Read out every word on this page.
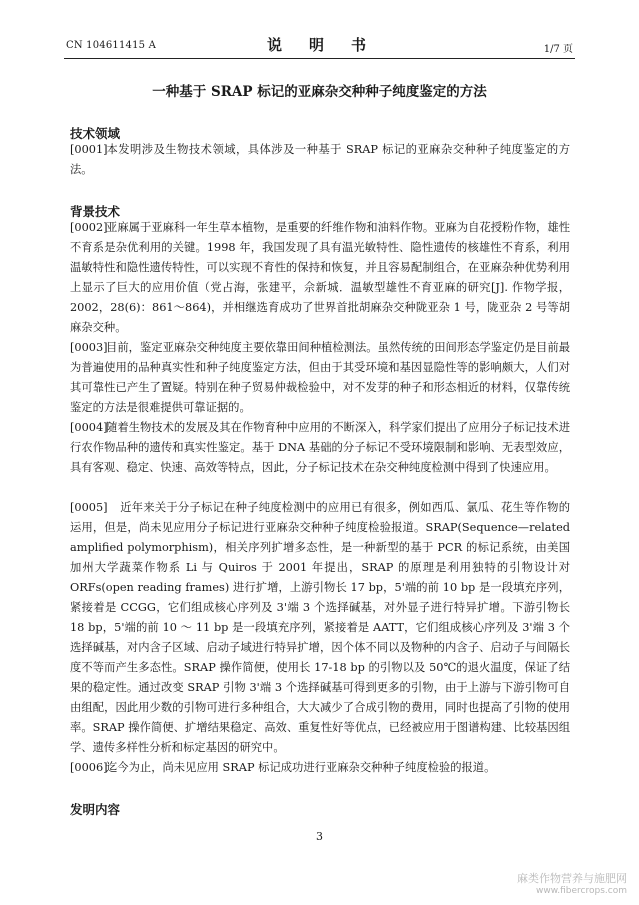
CN 104611415 A	说　明　书	1/7 页
一种基于 SRAP 标记的亚麻杂交种种子纯度鉴定的方法
技术领域

[0001]本发明涉及生物技术领域，具体涉及一种基于 SRAP 标记的亚麻杂交种种子纯度鉴定的方法。

背景技术

[0002]亚麻属于亚麻科一年生草本植物，是重要的纤维作物和油料作物。亚麻为自花授粉作物，雄性不育系是杂优利用的关键。1998 年，我国发现了具有温光敏特性、隐性遗传的核雄性不育系，利用温敏特性和隐性遗传特性，可以实现不育性的保持和恢复，并且容易配制组合，在亚麻杂种优势利用上显示了巨大的应用价值（党占海，张建平，佘新城．温敏型雄性不育亚麻的研究[J]. 作物学报，2002，28(6)：861～864)，并相继选育成功了世界首批胡麻杂交种陇亚杂 1 号，陇亚杂 2 号等胡麻杂交种。

[0003]目前，鉴定亚麻杂交种纯度主要依靠田间种植检测法。虽然传统的田间形态学鉴定仍是目前最为普遍使用的品种真实性和种子纯度鉴定方法，但由于其受环境和基因显隐性等的影响颇大，人们对其可靠性已产生了置疑。特别在种子贸易仲裁检验中，对不发芽的种子和形态相近的材料，仅靠传统鉴定的方法是很难提供可靠证据的。

[0004]随着生物技术的发展及其在作物育种中应用的不断深入，科学家们提出了应用分子标记技术进行农作物品种的遗传和真实性鉴定。基于 DNA 基础的分子标记不受环境限制和影响、无表型效应，具有客观、稳定、快速、高效等特点，因此，分子标记技术在杂交种纯度检测中得到了快速应用。

[0005] 近年来关于分子标记在种子纯度检测中的应用已有很多，例如西瓜、氯瓜、花生等作物的运用，但是，尚未见应用分子标记进行亚麻杂交种种子纯度检验报道。SRAP(Sequence—related amplified polymorphism)，相关序列扩增多态性，是一种新型的基于 PCR 的标记系统，由美国加州大学蔬菜作物系 Li 与 Quiros 于 2001 年提出，SRAP 的原理是利用独特的引物设计对 ORFs(open reading frames) 进行扩增，上游引物长 17 bp，5'端的前 10 bp 是一段填充序列，紧接着是 CCGG，它们组成核心序列及 3'端 3 个选择碱基，对外显子进行特异扩增。下游引物长 18 bp，5'端的前 10 ～ 11 bp 是一段填充序列，紧接着是 AATT，它们组成核心序列及 3'端 3 个选择碱基，对内含子区域、启动子域进行特异扩增，因个体不同以及物种的内含子、启动子与间隔长度不等而产生多态性。SRAP 操作简便，使用长 17-18 bp 的引物以及 50℃的退火温度，保证了结果的稳定性。通过改变 SRAP 引物 3'端 3 个选择碱基可得到更多的引物，由于上游与下游引物可自由组配，因此用少数的引物可进行多种组合，大大减少了合成引物的费用，同时也提高了引物的使用率。SRAP 操作简便、扩增结果稳定、高效、重复性好等优点，已经被应用于图谱构建、比较基因组学、遗传多样性分析和标定基因的研究中。

[0006]迄今为止，尚未见应用 SRAP 标记成功进行亚麻杂交种种子纯度检验的报道。

发明内容
3
麻类作物营养与施肥网
www.fibercrops.com
